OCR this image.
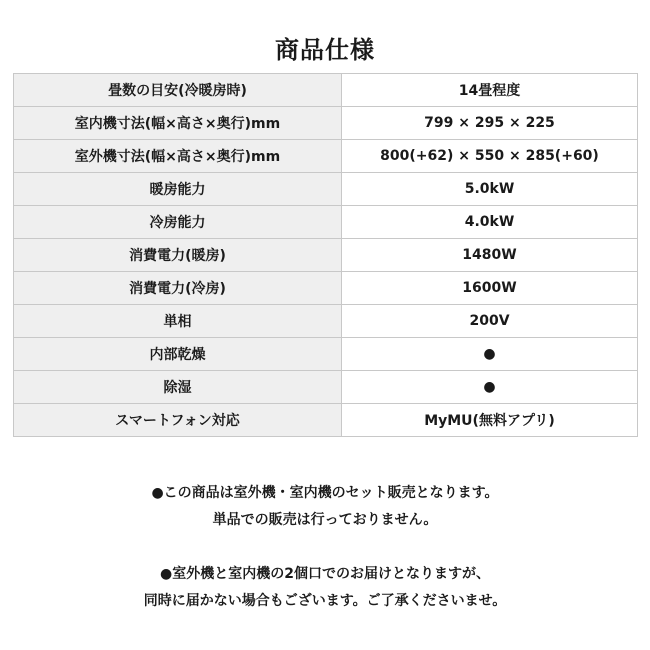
商品仕様
畳数の目安(冷暖房時)	14畳程度
室内機寸法(幅×高さ×奥行)mm	799 × 295 × 225
室外機寸法(幅×高さ×奥行)mm	800(+62) × 550 × 285(+60)
暖房能力	5.0kW
冷房能力	4.0kW
消費電力(暖房)	1480W
消費電力(冷房)	1600W
単相	200V
内部乾燥	●
除湿	●
スマートフォン対応	MyMU(無料アプリ)

●この商品は室外機・室内機のセット販売となります。

単品での販売は行っておりません。

●室外機と室内機の2個口でのお届けとなりますが、

同時に届かない場合もございます。ご了承くださいませ。
